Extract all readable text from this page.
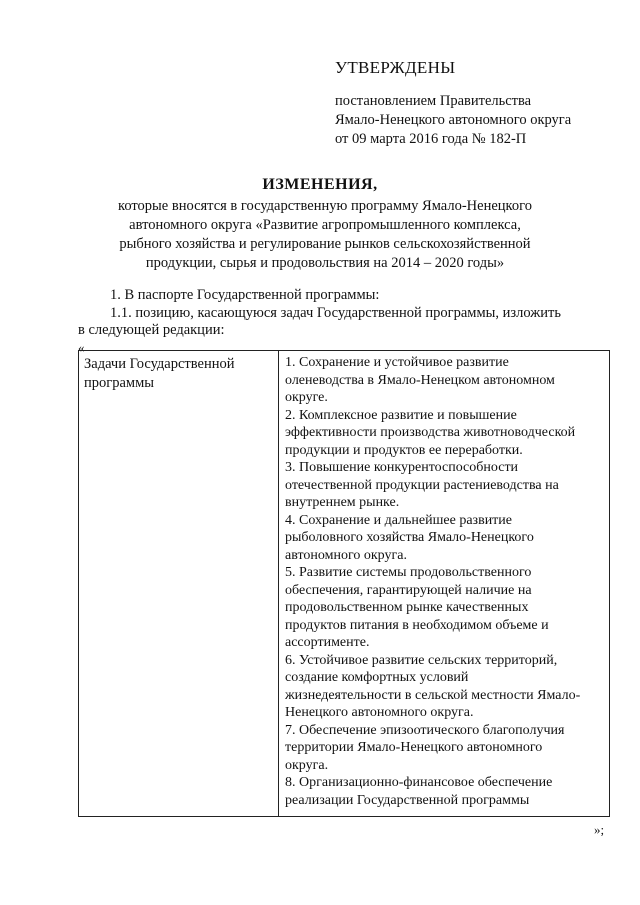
УТВЕРЖДЕНЫ
постановлением Правительства
Ямало-Ненецкого автономного округа
от 09 марта 2016 года № 182-П
ИЗМЕНЕНИЯ,
которые вносятся в государственную программу Ямало-Ненецкого
автономного округа «Развитие агропромышленного комплекса,
рыбного хозяйства и регулирование рынков сельскохозяйственной
продукции, сырья и продовольствия на 2014 – 2020 годы»
1. В паспорте Государственной программы:
1.1. позицию, касающуюся задач Государственной программы, изложить
в следующей редакции:
«
Задачи Государственной
программы
1. Сохранение и устойчивое развитие
оленеводства в Ямало-Ненецком автономном
округе.
2. Комплексное развитие и повышение
эффективности производства животноводческой
продукции и продуктов ее переработки.
3. Повышение конкурентоспособности
отечественной продукции растениеводства на
внутреннем рынке.
4. Сохранение и дальнейшее развитие
рыболовного хозяйства Ямало-Ненецкого
автономного округа.
5. Развитие системы продовольственного
обеспечения, гарантирующей наличие на
продовольственном рынке качественных
продуктов питания в необходимом объеме и
ассортименте.
6. Устойчивое развитие сельских территорий,
создание комфортных условий
жизнедеятельности в сельской местности Ямало-
Ненецкого автономного округа.
7. Обеспечение эпизоотического благополучия
территории Ямало-Ненецкого автономного
округа.
8. Организационно-финансовое обеспечение
реализации Государственной программы
»;
